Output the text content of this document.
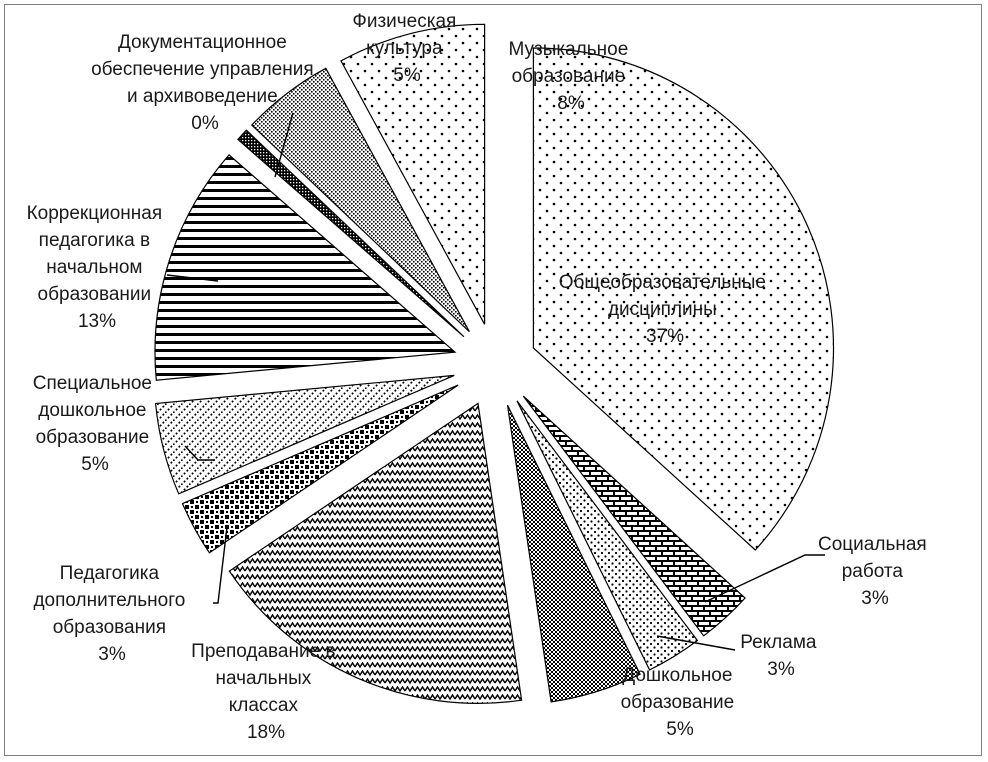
Общеобразовательные дисциплины 37%
Социальная работа 3%
Реклама 3%
Дошкольное образование 5%
Преподавание в начальных классах 18%
Педагогика дополнительного образования 3%
Специальное дошкольное образование 5%
Коррекционная педагогика в начальном образовании 13%
Документационное обеспечение управления и архивоведение 0%
Физическая культура 5%
Музыкальное образование 8%
